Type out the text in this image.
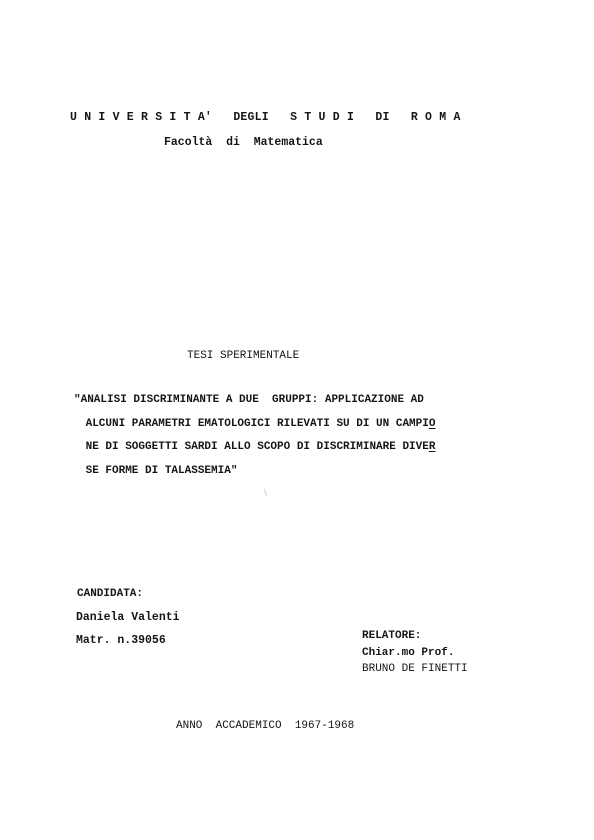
U N I V E R S I T A'   DEGLI   S T U D I   DI   R O M A
Facoltà  di  Matematica
TESI SPERIMENTALE
"ANALISI DISCRIMINANTE A DUE  GRUPPI: APPLICAZIONE AD
ALCUNI PARAMETRI EMATOLOGICI RILEVATI SU DI UN CAMPIO
NE DI SOGGETTI SARDI ALLO SCOPO DI DISCRIMINARE DIVER
SE FORME DI TALASSEMIA"
CANDIDATA:
Daniela Valenti
Matr. n.39056	RELATORE:
Chiar.mo Prof.
BRUNO DE FINETTI
ANNO  ACCADEMICO  1967-1968
